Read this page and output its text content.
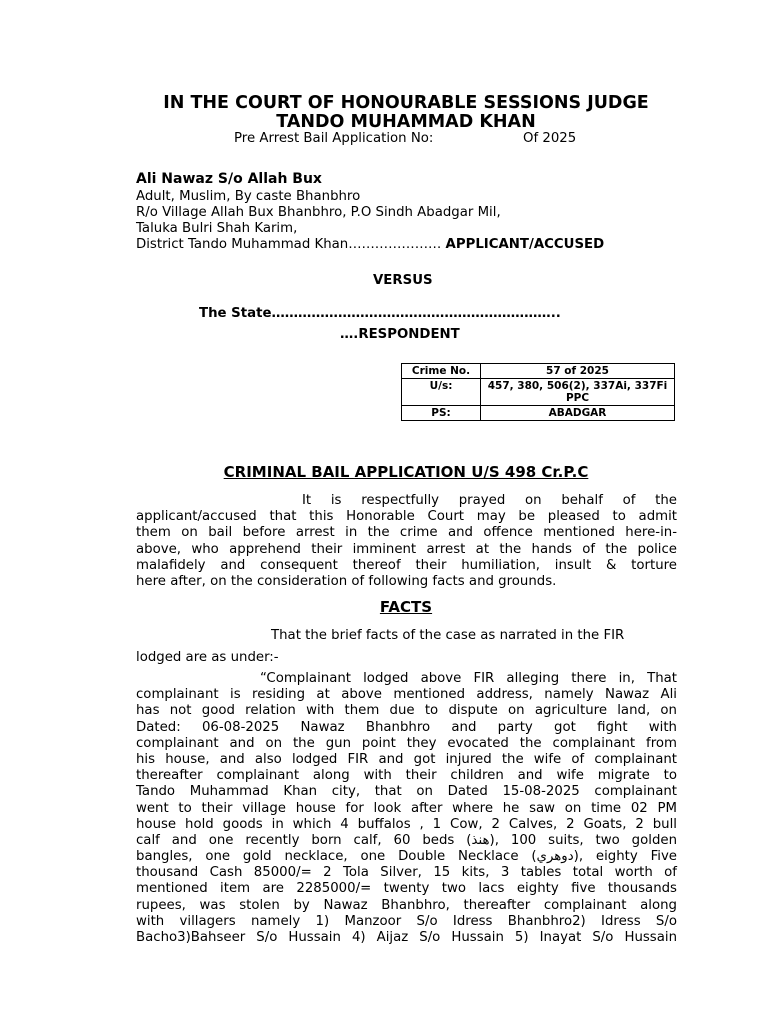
IN THE COURT OF HONOURABLE SESSIONS JUDGE
TANDO MUHAMMAD KHAN
Pre Arrest Bail Application No:	Of 2025
Ali Nawaz S/o Allah Bux
Adult, Muslim, By caste Bhanbhro
R/o Village Allah Bux Bhanbhro, P.O Sindh Abadgar Mil,
Taluka Bulri Shah Karim,
District Tando Muhammad Khan………………… APPLICANT/ACCUSED
VERSUS
The State………………………………………………………..
….RESPONDENT
Crime No.	57 of 2025
U/s:	457, 380, 506(2), 337Ai, 337Fi PPC
PS:	ABADGAR
CRIMINAL BAIL APPLICATION U/S 498 Cr.P.C
It is respectfully prayed on behalf of the
applicant/accused that this Honorable Court may be pleased to admit
them on bail before arrest in the crime and offence mentioned here-in-
above, who apprehend their imminent arrest at the hands of the police
malafidely and consequent thereof their humiliation, insult & torture
here after, on the consideration of following facts and grounds.
FACTS
That the brief facts of the case as narrated in the FIR
lodged are as under:-
“Complainant lodged above FIR alleging there in, That
complainant is residing at above mentioned address, namely Nawaz Ali
has not good relation with them due to dispute on agriculture land, on
Dated: 06-08-2025 Nawaz Bhanbhro and party got fight with
complainant and on the gun point they evocated the complainant from
his house, and also lodged FIR and got injured the wife of complainant
thereafter complainant along with their children and wife migrate to
Tando Muhammad Khan city, that on Dated 15-08-2025 complainant
went to their village house for look after where he saw on time 02 PM
house hold goods in which 4 buffalos , 1 Cow, 2 Calves, 2 Goats, 2 bull
calf and one recently born calf, 60 beds (هنذ), 100 suits, two golden
bangles, one gold necklace, one Double Necklace (دوهري), eighty Five
thousand Cash 85000/= 2 Tola Silver, 15 kits, 3 tables total worth of
mentioned item are 2285000/= twenty two lacs eighty five thousands
rupees, was stolen by Nawaz Bhanbhro, thereafter complainant along
with villagers namely 1) Manzoor S/o Idress Bhanbhro2) Idress S/o
Bacho3)Bahseer S/o Hussain 4) Aijaz S/o Hussain 5) Inayat S/o Hussain
